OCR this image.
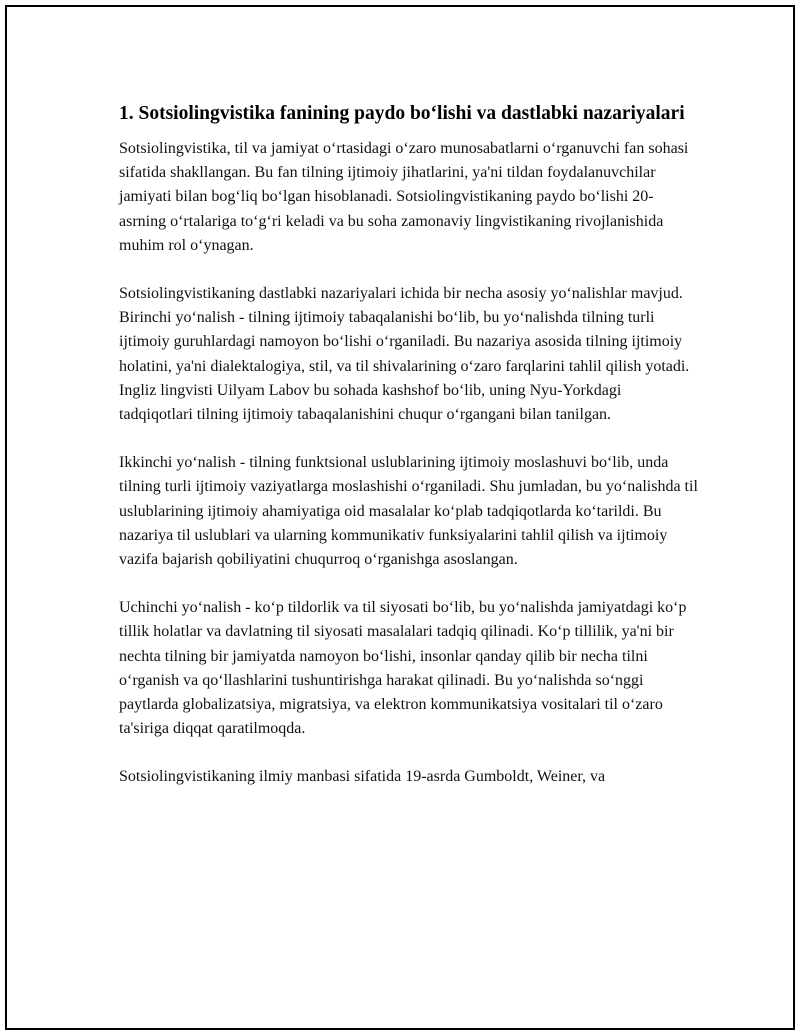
1. Sotsiolingvistika fanining paydo bo‘lishi va dastlabki nazariyalari

Sotsiolingvistika, til va jamiyat o‘rtasidagi o‘zaro munosabatlarni o‘rganuvchi fan sohasi sifatida shakllangan. Bu fan tilning ijtimoiy jihatlarini, ya'ni tildan foydalanuvchilar jamiyati bilan bog‘liq bo‘lgan hisoblanadi. Sotsiolingvistikaning paydo bo‘lishi 20-asrning o‘rtalariga to‘g‘ri keladi va bu soha zamonaviy lingvistikaning rivojlanishida muhim rol o‘ynagan.

Sotsiolingvistikaning dastlabki nazariyalari ichida bir necha asosiy yo‘nalishlar mavjud. Birinchi yo‘nalish - tilning ijtimoiy tabaqalanishi bo‘lib, bu yo‘nalishda tilning turli ijtimoiy guruhlardagi namoyon bo‘lishi o‘rganiladi. Bu nazariya asosida tilning ijtimoiy holatini, ya'ni dialektalogiya, stil, va til shivalarining o‘zaro farqlarini tahlil qilish yotadi. Ingliz lingvisti Uilyam Labov bu sohada kashshof bo‘lib, uning Nyu-Yorkdagi tadqiqotlari tilning ijtimoiy tabaqalanishini chuqur o‘rgangani bilan tanilgan.

Ikkinchi yo‘nalish - tilning funktsional uslublarining ijtimoiy moslashuvi bo‘lib, unda tilning turli ijtimoiy vaziyatlarga moslashishi o‘rganiladi. Shu jumladan, bu yo‘nalishda til uslublarining ijtimoiy ahamiyatiga oid masalalar ko‘plab tadqiqotlarda ko‘tarildi. Bu nazariya til uslublari va ularning kommunikativ funksiyalarini tahlil qilish va ijtimoiy vazifa bajarish qobiliyatini chuqurroq o‘rganishga asoslangan.

Uchinchi yo‘nalish - ko‘p tildorlik va til siyosati bo‘lib, bu yo‘nalishda jamiyatdagi ko‘p tillik holatlar va davlatning til siyosati masalalari tadqiq qilinadi. Ko‘p tillilik, ya'ni bir nechta tilning bir jamiyatda namoyon bo‘lishi, insonlar qanday qilib bir necha tilni o‘rganish va qo‘llashlarini tushuntirishga harakat qilinadi. Bu yo‘nalishda so‘nggi paytlarda globalizatsiya, migratsiya, va elektron kommunikatsiya vositalari til o‘zaro ta'siriga diqqat qaratilmoqda.

Sotsiolingvistikaning ilmiy manbasi sifatida 19-asrda Gumboldt, Weiner, va
